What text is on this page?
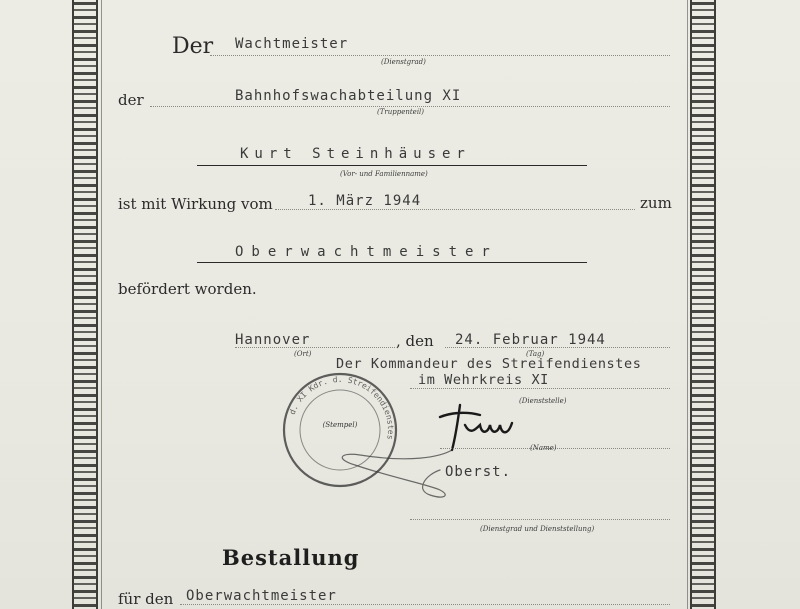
Der Wachtmeister
(Dienstgrad)
der	Bahnhofswachabteilung XI
(Truppenteil)
Kurt Steinhäuser
(Vor- und Familienname)
ist mit Wirkung vom	1. März 1944	zum
Oberwachtmeister
befördert worden.
Hannover
(Ort)
, den 24. Februar 1944
(Tag)
Der Kommandeur des Streifendienstes
im Wehrkreis XI
(Dienststelle)
d. XI Kdr. d. Streifendienstes
(Stempel)
(Name)
Oberst.
(Dienstgrad und Dienststellung)
Bestallung
für den Oberwachtmeister
